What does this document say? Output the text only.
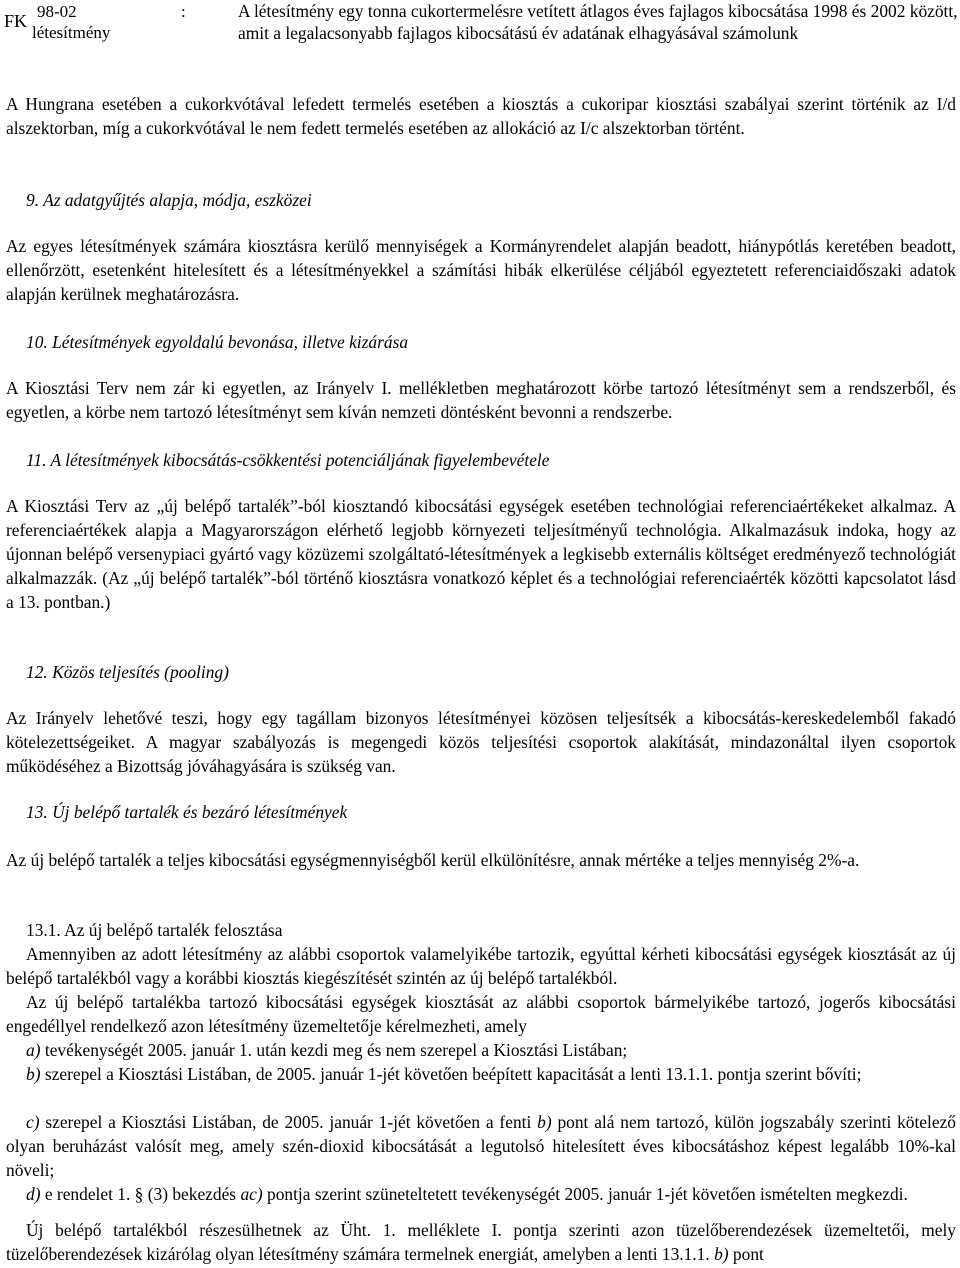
FK 98-02
létesítmény
:	A létesítmény egy tonna cukortermelésre vetített átlagos éves fajlagos kibocsátása 1998 és 2002 között, amit a legalacsonyabb fajlagos kibocsátású év adatának elhagyásával számolunk

A Hungrana esetében a cukorkvótával lefedett termelés esetében a kiosztás a cukoripar kiosztási szabályai szerint történik az I/d alszektorban, míg a cukorkvótával le nem fedett termelés esetében az allokáció az I/c alszektorban történt.

9. Az adatgyűjtés alapja, módja, eszközei

Az egyes létesítmények számára kiosztásra kerülő mennyiségek a Kormányrendelet alapján beadott, hiánypótlás keretében beadott, ellenőrzött, esetenként hitelesített és a létesítményekkel a számítási hibák elkerülése céljából egyeztetett referenciaidőszaki adatok alapján kerülnek meghatározásra.

10. Létesítmények egyoldalú bevonása, illetve kizárása

A Kiosztási Terv nem zár ki egyetlen, az Irányelv I. mellékletben meghatározott körbe tartozó létesítményt sem a rendszerből, és egyetlen, a körbe nem tartozó létesítményt sem kíván nemzeti döntésként bevonni a rendszerbe.

11. A létesítmények kibocsátás-csökkentési potenciáljának figyelembevétele

A Kiosztási Terv az „új belépő tartalék”-ból kiosztandó kibocsátási egységek esetében technológiai referenciaértékeket alkalmaz. A referenciaértékek alapja a Magyarországon elérhető legjobb környezeti teljesítményű technológia. Alkalmazásuk indoka, hogy az újonnan belépő versenypiaci gyártó vagy közüzemi szolgáltató-létesítmények a legkisebb externális költséget eredményező technológiát alkalmazzák. (Az „új belépő tartalék”-ból történő kiosztásra vonatkozó képlet és a technológiai referenciaérték közötti kapcsolatot lásd a 13. pontban.)

12. Közös teljesítés (pooling)

Az Irányelv lehetővé teszi, hogy egy tagállam bizonyos létesítményei közösen teljesítsék a kibocsátás-kereskedelemből fakadó kötelezettségeiket. A magyar szabályozás is megengedi közös teljesítési csoportok alakítását, mindazonáltal ilyen csoportok működéséhez a Bizottság jóváhagyására is szükség van.

13. Új belépő tartalék és bezáró létesítmények

Az új belépő tartalék a teljes kibocsátási egységmennyiségből kerül elkülönítésre, annak mértéke a teljes mennyiség 2%-a.

13.1. Az új belépő tartalék felosztása

Amennyiben az adott létesítmény az alábbi csoportok valamelyikébe tartozik, egyúttal kérheti kibocsátási egységek kiosztását az új belépő tartalékból vagy a korábbi kiosztás kiegészítését szintén az új belépő tartalékból.

Az új belépő tartalékba tartozó kibocsátási egységek kiosztását az alábbi csoportok bármelyikébe tartozó, jogerős kibocsátási engedéllyel rendelkező azon létesítmény üzemeltetője kérelmezheti, amely

a) tevékenységét 2005. január 1. után kezdi meg és nem szerepel a Kiosztási Listában;

b) szerepel a Kiosztási Listában, de 2005. január 1-jét követően beépített kapacitását a lenti 13.1.1. pontja szerint bővíti;

c) szerepel a Kiosztási Listában, de 2005. január 1-jét követően a fenti b) pont alá nem tartozó, külön jogszabály szerinti kötelező olyan beruházást valósít meg, amely szén-dioxid kibocsátását a legutolsó hitelesített éves kibocsátáshoz képest legalább 10%-kal növeli;

d) e rendelet 1. § (3) bekezdés ac) pontja szerint szüneteltetett tevékenységét 2005. január 1-jét követően ismételten megkezdi.

Új belépő tartalékból részesülhetnek az Üht. 1. melléklete I. pontja szerinti azon tüzelőberendezések üzemeltetői, mely tüzelőberendezések kizárólag olyan létesítmény számára termelnek energiát, amelyben a lenti 13.1.1. b) pont
